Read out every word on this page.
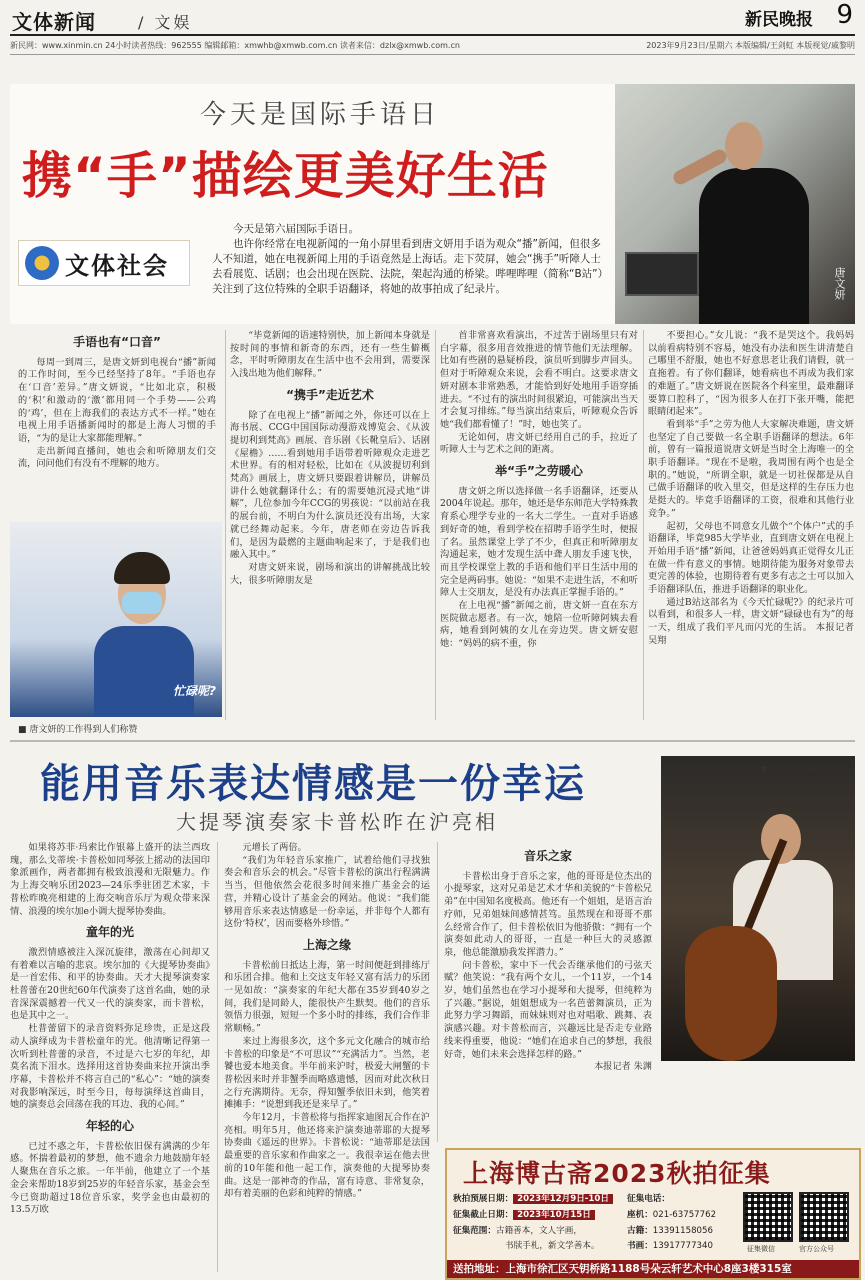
文体新闻	/ 文娱	新民晚报 9
新民网：www.xinmin.cn 24小时读者热线：962555 编辑邮箱：xmwhb@xmwb.com.cn 读者来信：dzlx@xmwb.com.cn	2023年9月23日/星期六 本版编辑/王剑虹 本版视觉/戚黎明
今天是国际手语日
携“手”描绘更美好生活
唐文妍
文体社会

今天是第六届国际手语日。

也许你经常在电视新闻的一角小屏里看到唐文妍用手语为观众“播”新闻，但很多人不知道，她在电视新闻上用的手语竟然是上海话。走下荧屏，她会“携手”听障人士去看展览、话剧；也会出现在医院、法院，架起沟通的桥梁。哔哩哔哩（简称“B站”）关注到了这位特殊的全职手语翻译，将她的故事拍成了纪录片。

手语也有“口音”

每周一到周三，是唐文妍到电视台“播”新闻的工作时间，至今已经坚持了8年。“手语也存在‘口音’差异。”唐文妍说，“比如北京，积极的‘积’和激动的‘激’都用同一个手势——公鸡的‘鸡’，但在上海我们的表达方式不一样。”她在电视上用手语播新闻时的都是上海人习惯的手语，“为的是让大家都能理解。”

走出新闻直播间，她也会和听障朋友们交流，问问他们有没有不理解的地方。

忙碌呢?
■ 唐文妍的工作得到人们称赞

“毕竟新闻的语速特别快，加上新闻本身就是按时间的事情和新奇的东西，还有一些生僻概念，平时听障朋友在生活中也不会用到，需要深入浅出地为他们解释。”

“携手”走近艺术

除了在电视上“播”新闻之外，你还可以在上海书展、CCG中国国际动漫游戏博览会、《从波提切利到梵高》画展、音乐剧《长靴皇后》、话剧《屋檐》……看到她用手语带着听障观众走进艺术世界。有的相对轻松，比如在《从波提切利到梵高》画展上，唐文妍只要跟着讲解员，讲解员讲什么她就翻译什么；有的需要她沉浸式地“讲解”，几位参加今年CCG的男孩说：“以前站在我的展台前，不明白为什么演员还没有出场，大家就已经舞动起来。今年，唐老师在旁边告诉我们，是因为最燃的主题曲响起来了，于是我们也融入其中。”

对唐文妍来说，剧场和演出的讲解挑战比较大，很多听障朋友是

首非常喜欢看演出，不过苦于剧场里只有对白字幕，很多用音效推进的情节他们无法理解。比如有些剧的悬疑桥段，演员听到脚步声回头。但对于听障观众来说，会看不明白。这要求唐文妍对剧本非常熟悉，才能恰到好处地用手语穿插进去。“不过有的演出时间很紧迫，可能演出当天才会复习排练。”每当演出结束后，听障观众告诉她“我们都看懂了！”时，她也笑了。

无论如何，唐文妍已经用自己的手，拉近了听障人士与艺术之间的距离。

举“手”之劳暖心

唐文妍之所以选择做一名手语翻译，还要从2004年说起。那年，她还是华东师范大学特殊教育系心理学专业的一名大二学生。一直对手语感到好奇的她，看到学校在招聘手语学生时，便报了名。虽然课堂上学了不少，但真正和听障朋友沟通起来，她才发现生活中聋人朋友手速飞快，而且学校课堂上教的手语和他们平日生活中用的完全是两码事。她说：“如果不走进生活，不和听障人士交朋友，是没有办法真正掌握手语的。”

在上电视“播”新闻之前，唐文妍一直在东方医院做志愿者。有一次，她陪一位听障阿姨去看病，她看到阿姨的女儿在旁边哭。唐文妍安慰她：“妈妈的病不重，你

不要担心。”女儿说：“我不是哭这个。我妈妈以前看病特别不容易，她没有办法和医生讲清楚自己哪里不舒服，她也不好意思老让我们请假，就一直拖着。有了你们翻译，她看病也不再成为我们家的难题了。”唐文妍说在医院各个科室里，最难翻译要算口腔科了，“因为很多人在打下张开嘴，能把眼睛闭起来”。

看到举“手”之劳为他人大家解决难题，唐文妍也坚定了自己要做一名全职手语翻译的想法。6年前，曾有一篇报道说唐文妍是当时全上海唯一的全职手语翻译。“现在不是啦，我周围有两个也是全职的。”她说，“所谓全职，就是一切社保都是从自己做手语翻译的收入里交，但是这样的生存压力也是挺大的。毕竟手语翻译的工资，很难和其他行业竞争。”

起初，父母也不同意女儿做个“个体户”式的手语翻译，毕竟985大学毕业，直到唐文妍在电视上开始用手语“播”新闻，让爸爸妈妈真正觉得女儿正在做一件有意义的事情。她期待能为服务对象带去更完善的体验，也期待着有更多有志之士可以加入手语翻译队伍，推进手语翻译的职业化。

通过B站这部名为《今天忙碌呢?》的纪录片可以看到，和很多人一样，唐文妍“碌碌也有为”的每一天，组成了我们平凡而闪光的生活。 本报记者 吴翔

能用音乐表达情感是一份幸运
大提琴演奏家卡普松昨在沪亮相
▼ 卡普松在演奏

如果将苏菲·玛索比作银幕上盛开的法兰西玫瑰，那么戈蒂埃·卡普松如同琴弦上摇动的法国印象派画作，两者都拥有极致浪漫和无限魅力。作为上海交响乐团2023—24乐季驻团艺术家，卡普松昨晚亮相建的上海交响音乐厅为观众带来深情、浪漫的埃尔加e小调大提琴协奏曲。

童年的光

激烈情感被注入深沉旋律，激荡在心间却又有着难以言喻的悲哀。埃尔加的《大提琴协奏曲》是一首宏伟、和平的协奏曲。天才大提琴演奏家杜普蕾在20世纪60年代演奏了这首名曲，她的录音深深震撼着一代又一代的演奏家，而卡普松，也是其中之一。

杜普蕾留下的录音资料弥足珍贵，正是这段动人演绎成为卡普松童年的光。他清晰记得第一次听到杜普蕾的录音，不过是六七岁的年纪，却莫名流下泪水。选择用这首协奏曲来拉开演出季序幕，卡普松并不将言自己的“私心”：“她的演奏对我影响深远，时至今日，每每演绎这首曲目，她的演奏总会回荡在我的耳边、我的心间。”

年轻的心

已过不惑之年，卡普松依旧保有满满的少年感。怀揣着最初的梦想，他不遗余力地鼓励年轻人聚焦在音乐之旅。一年半前，他建立了一个基金会来帮助18岁到25岁的年轻音乐家，基金会至今已资助超过18位音乐家，奖学金也由最初的13.5万欧

元增长了两倍。

“我们为年轻音乐家推广，试着给他们寻找独奏会和音乐会的机会。”尽管卡普松的演出行程满满当当，但他依然会花很多时间来推广基金会的运营，并精心设计了基金会的网站。他说：“我们能够用音乐来表达情感是一份幸运，并非每个人都有这份‘特权’，因而要格外珍惜。”

上海之缘

卡普松前日抵达上海，第一时间便赶到排练厅和乐团合排。他和上交这支年轻又富有活力的乐团一见如故：“演奏家的年纪大都在35岁到40岁之间，我们是同龄人，能很快产生默契。他们的音乐领悟力很强，短短一个多小时的排练，我们合作非常顺畅。”

来过上海很多次，这个多元文化融合的城市给卡普松的印象是“不可思议”“充满活力”。当然，老饕也爱本地美食。半年前来沪时，极爱大闸蟹的卡普松因来时并非蟹季而略感遗憾，因而对此次秋日之行充满期待。无奈，得知蟹季依旧未到，他笑着摊摊手：“说想到我还是来早了。”

今年12月，卡普松将与指挥家迪图瓦合作在沪亮相。明年5月，他还将来沪演奏迪蒂耶的大提琴协奏曲《遥远的世界》。卡普松说：“迪蒂耶是法国最重要的音乐家和作曲家之一。我很幸运在他去世前的10年能和他一起工作，演奏他的大提琴协奏曲。这是一部神奇的作品，富有诗意、非常复杂，却有着美丽的色彩和纯粹的情感。”

音乐之家

卡普松出身于音乐之家，他的哥哥是位杰出的小提琴家，这对兄弟是艺术才华和美貌的“卡普松兄弟”在中国知名度极高。他还有一个姐姐，是语言治疗师，兄弟姐妹间感情甚笃。虽然现在和哥哥不那么经常合作了，但卡普松依旧为他骄傲：“拥有一个演奏如此动人的哥哥，一直是一种巨大的灵感源泉，他总能激励我发挥潜力。”

问卡普松，家中下一代会否继承他们的弓弦天赋？他笑说：“我有两个女儿，一个11岁，一个14岁，她们虽然也在学习小提琴和大提琴，但纯粹为了兴趣。”据说，姐姐想成为一名芭蕾舞演员，正为此努力学习舞蹈，而妹妹则对也对唱歌、跳舞、表演感兴趣。对卡普松而言，兴趣远比是否走专业路线来得重要，他说：“她们在追求自己的梦想，我很好奇，她们未来会选择怎样的路。”

本报记者 朱渊

上海博古斋2023秋拍征集
秋拍预展日期： 2023年12月9日-10日
征集截止日期： 2023年10月15日
征集范围：古籍善本，文人字画，
书牍手札，新文学善本。
征集电话：
座机：021-63757762
古籍：13391158056
书画：13917777340	征集微信	官方公众号
送拍地址：上海市徐汇区天钥桥路1188号朵云轩艺术中心8座3楼315室
